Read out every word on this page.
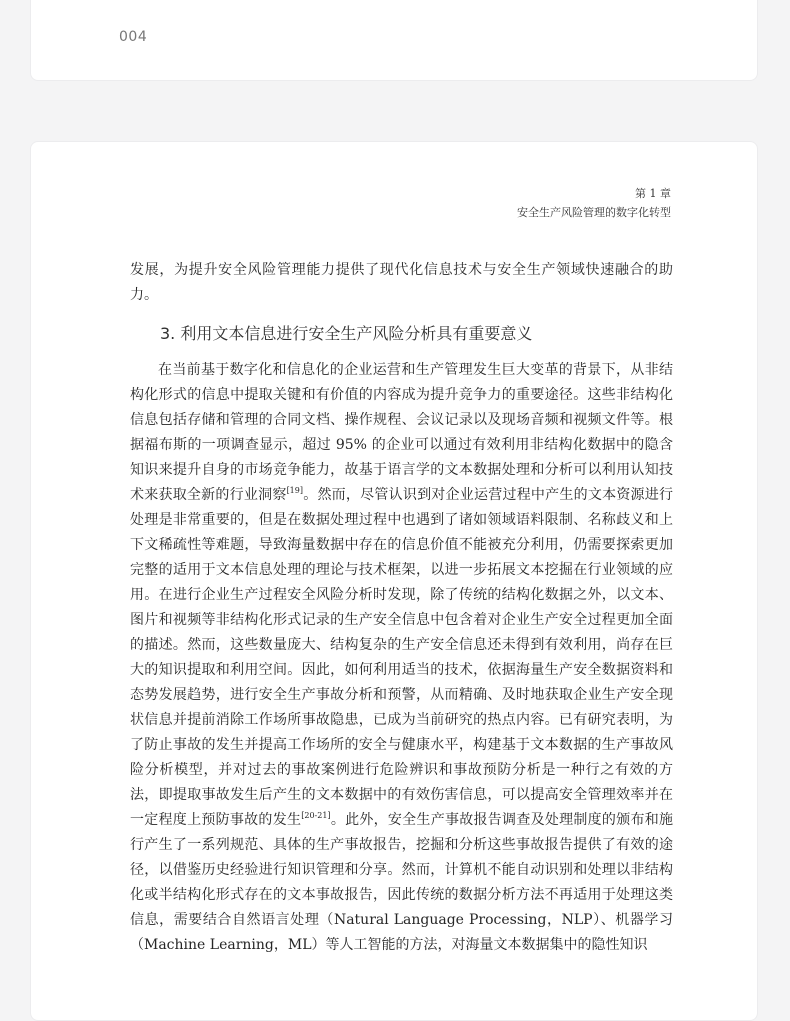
004
第 1 章
安全生产风险管理的数字化转型

发展，为提升安全风险管理能力提供了现代化信息技术与安全生产领域快速融合的助力。

3. 利用文本信息进行安全生产风险分析具有重要意义

在当前基于数字化和信息化的企业运营和生产管理发生巨大变革的背景下，从非结构化形式的信息中提取关键和有价值的内容成为提升竞争力的重要途径。这些非结构化信息包括存储和管理的合同文档、操作规程、会议记录以及现场音频和视频文件等。根据福布斯的一项调查显示，超过 95% 的企业可以通过有效利用非结构化数据中的隐含知识来提升自身的市场竞争能力，故基于语言学的文本数据处理和分析可以利用认知技术来获取全新的行业洞察[19]。然而，尽管认识到对企业运营过程中产生的文本资源进行处理是非常重要的，但是在数据处理过程中也遇到了诸如领域语料限制、名称歧义和上下文稀疏性等难题，导致海量数据中存在的信息价值不能被充分利用，仍需要探索更加完整的适用于文本信息处理的理论与技术框架，以进一步拓展文本挖掘在行业领域的应用。在进行企业生产过程安全风险分析时发现，除了传统的结构化数据之外，以文本、图片和视频等非结构化形式记录的生产安全信息中包含着对企业生产安全过程更加全面的描述。然而，这些数量庞大、结构复杂的生产安全信息还未得到有效利用，尚存在巨大的知识提取和利用空间。因此，如何利用适当的技术，依据海量生产安全数据资料和态势发展趋势，进行安全生产事故分析和预警，从而精确、及时地获取企业生产安全现状信息并提前消除工作场所事故隐患，已成为当前研究的热点内容。已有研究表明，为了防止事故的发生并提高工作场所的安全与健康水平，构建基于文本数据的生产事故风险分析模型，并对过去的事故案例进行危险辨识和事故预防分析是一种行之有效的方法，即提取事故发生后产生的文本数据中的有效伤害信息，可以提高安全管理效率并在一定程度上预防事故的发生[20-21]。此外，安全生产事故报告调查及处理制度的颁布和施行产生了一系列规范、具体的生产事故报告，挖掘和分析这些事故报告提供了有效的途径，以借鉴历史经验进行知识管理和分享。然而，计算机不能自动识别和处理以非结构化或半结构化形式存在的文本事故报告，因此传统的数据分析方法不再适用于处理这类信息，需要结合自然语言处理（Natural Language Processing，NLP）、机器学习（Machine Learning，ML）等人工智能的方法，对海量文本数据集中的隐性知识
